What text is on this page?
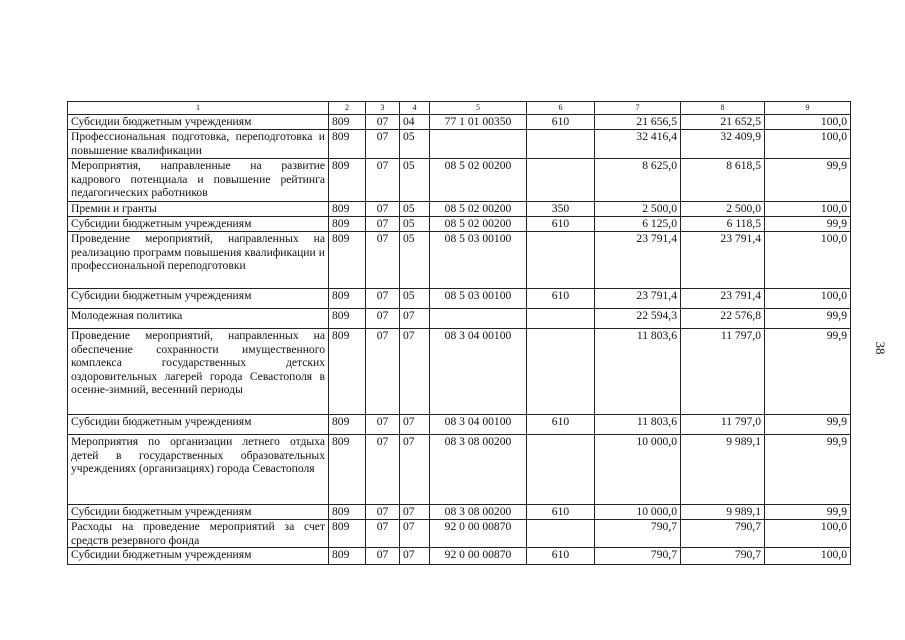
38
1	2	3	4	5	6	7	8	9
Субсидии бюджетным учреждениям	809	07	04	77 1 01 00350	610	21 656,5	21 652,5	100,0
Профессиональная подготовка, переподготовка и повышение квалификации	809	07	05			32 416,4	32 409,9	100,0
Мероприятия, направленные на развитие кадрового потенциала и повышение рейтинга педагогических работников	809	07	05	08 5 02 00200		8 625,0	8 618,5	99,9
Премии и гранты	809	07	05	08 5 02 00200	350	2 500,0	2 500,0	100,0
Субсидии бюджетным учреждениям	809	07	05	08 5 02 00200	610	6 125,0	6 118,5	99,9
Проведение мероприятий, направленных на реализацию программ повышения квалификации и профессиональной переподготовки	809	07	05	08 5 03 00100		23 791,4	23 791,4	100,0
Субсидии бюджетным учреждениям	809	07	05	08 5 03 00100	610	23 791,4	23 791,4	100,0
Молодежная политика	809	07	07			22 594,3	22 576,8	99,9
Проведение мероприятий, направленных на обеспечение сохранности имущественного комплекса государственных детских оздоровительных лагерей города Севастополя в осенне-зимний, весенний периоды	809	07	07	08 3 04 00100		11 803,6	11 797,0	99,9
Субсидии бюджетным учреждениям	809	07	07	08 3 04 00100	610	11 803,6	11 797,0	99,9
Мероприятия по организации летнего отдыха детей в государственных образовательных учреждениях (организациях) города Севастополя	809	07	07	08 3 08 00200		10 000,0	9 989,1	99,9
Субсидии бюджетным учреждениям	809	07	07	08 3 08 00200	610	10 000,0	9 989,1	99,9
Расходы на проведение мероприятий за счет средств резервного фонда	809	07	07	92 0 00 00870		790,7	790,7	100,0
Субсидии бюджетным учреждениям	809	07	07	92 0 00 00870	610	790,7	790,7	100,0
